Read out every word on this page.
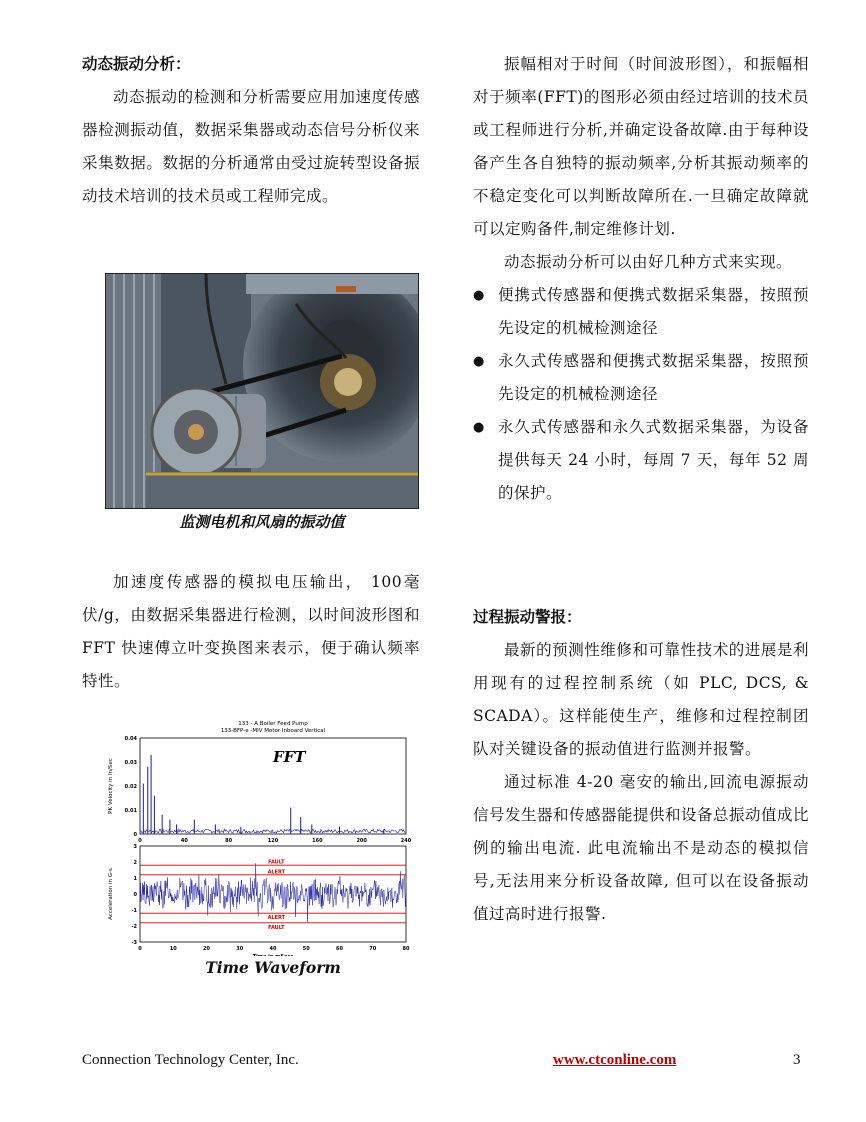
动态振动分析：

动态振动的检测和分析需要应用加速度传感器检测振动值，数据采集器或动态信号分析仪来采集数据。数据的分析通常由受过旋转型设备振动技术培训的技术员或工程师完成。

监测电机和风扇的振动值

加速度传感器的模拟电压输出， 100毫伏/g，由数据采集器进行检测，以时间波形图和 FFT 快速傅立叶变换图来表示，便于确认频率特性。

133 - A Boiler Feed Pump
133-BFP-e -MIV Motor Inboard Vertical
0	40	80	120	160	200	240
0
0.01
0.02
0.03
0.04
PK Velocity in In/Sec
FFT
0	10	20	30	40	50	60	70	80
3
2
1
0
-1
-2
-3
Acceleration in G-s
FAULT
ALERT
ALERT
FAULT
Time Waveform

振幅相对于时间（时间波形图），和振幅相对于频率(FFT)的图形必须由经过培训的技术员或工程师进行分析,并确定设备故障.由于每种设备产生各自独特的振动频率,分析其振动频率的不稳定变化可以判断故障所在.一旦确定故障就可以定购备件,制定维修计划.

动态振动分析可以由好几种方式来实现。

● 便携式传感器和便携式数据采集器，按照预先设定的机械检测途径
● 永久式传感器和便携式数据采集器，按照预先设定的机械检测途径
● 永久式传感器和永久式数据采集器，为设备提供每天 24 小时，每周 7 天，每年 52 周的保护。

过程振动警报：

最新的预测性维修和可靠性技术的进展是利用现有的过程控制系统（如 PLC, DCS, & SCADA）。这样能使生产，维修和过程控制团队对关键设备的振动值进行监测并报警。

通过标准 4-20 毫安的输出,回流电源振动信号发生器和传感器能提供和设备总振动值成比例的输出电流. 此电流输出不是动态的模拟信号,无法用来分析设备故障, 但可以在设备振动值过高时进行报警.

Connection Technology Center, Inc.	www.ctconline.com	3
